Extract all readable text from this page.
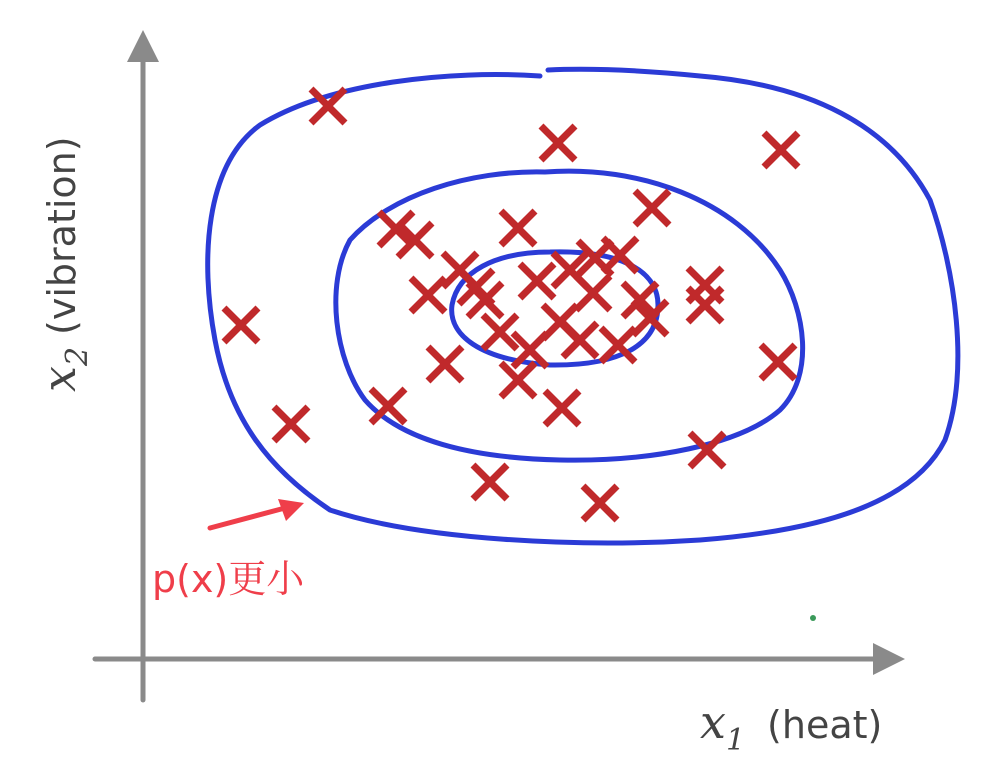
$x_2^{(vibration)}$
$x_1$ $^{(heat)}$
p(x)更小
